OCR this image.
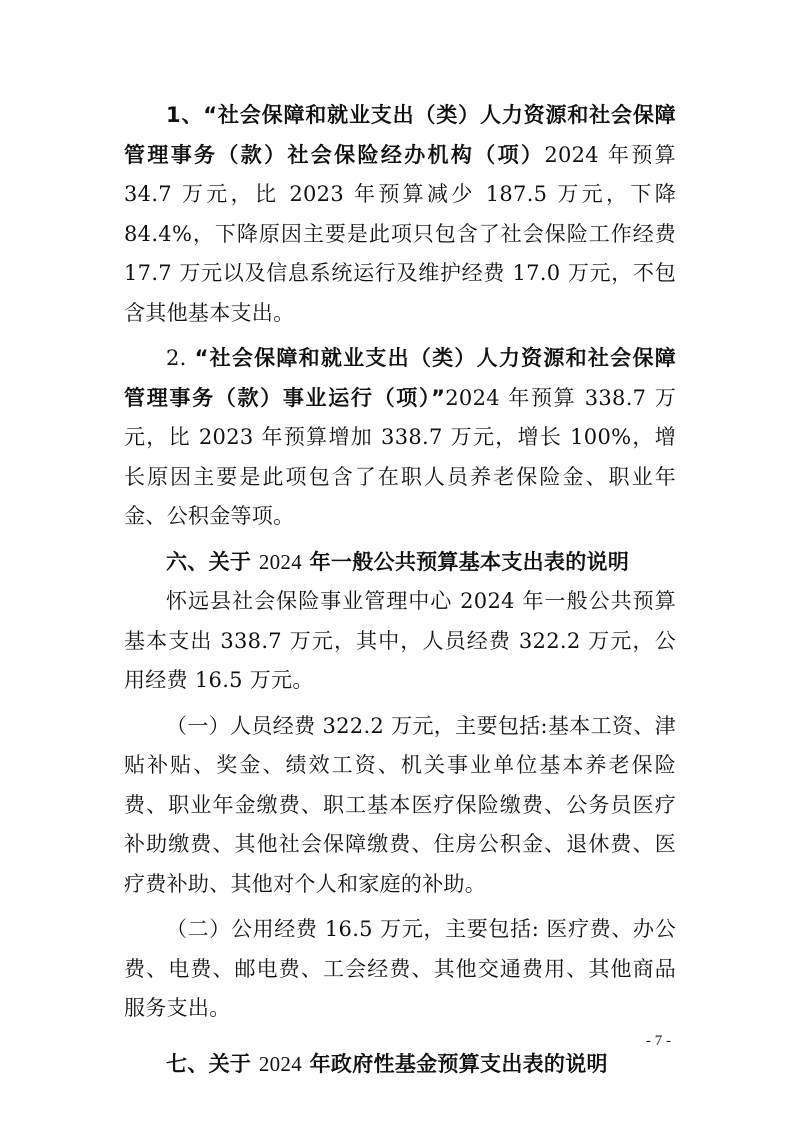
1、“社会保障和就业支出（类）人力资源和社会保障管理事务（款）社会保险经办机构（项）2024 年预算 34.7 万元，比 2023 年预算减少 187.5 万元，下降 84.4%，下降原因主要是此项只包含了社会保险工作经费 17.7 万元以及信息系统运行及维护经费 17.0 万元，不包含其他基本支出。

2. “社会保障和就业支出（类）人力资源和社会保障管理事务（款）事业运行（项）”2024 年预算 338.7 万元，比 2023 年预算增加 338.7 万元，增长 100%，增长原因主要是此项包含了在职人员养老保险金、职业年金、公积金等项。

六、关于 2024 年一般公共预算基本支出表的说明

怀远县社会保险事业管理中心 2024 年一般公共预算基本支出 338.7 万元，其中，人员经费 322.2 万元，公用经费 16.5 万元。

（一）人员经费 322.2 万元，主要包括:基本工资、津贴补贴、奖金、绩效工资、机关事业单位基本养老保险费、职业年金缴费、职工基本医疗保险缴费、公务员医疗补助缴费、其他社会保障缴费、住房公积金、退休费、医疗费补助、其他对个人和家庭的补助。

（二）公用经费 16.5 万元，主要包括: 医疗费、办公费、电费、邮电费、工会经费、其他交通费用、其他商品服务支出。

七、关于 2024 年政府性基金预算支出表的说明

- 7 -
